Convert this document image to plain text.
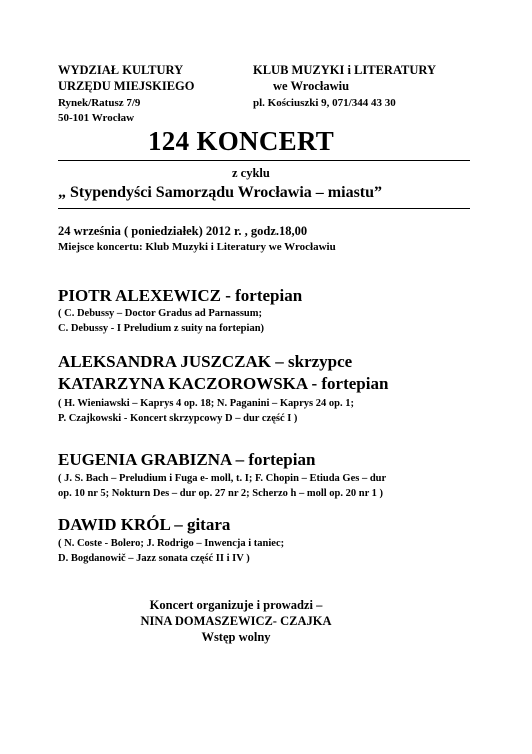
WYDZIAŁ KULTURY
URZĘDU MIEJSKIEGO
Rynek/Ratusz 7/9
50-101 Wrocław
KLUB MUZYKI i LITERATURY
we Wrocławiu
pl. Kościuszki 9, 071/344 43 30
124 KONCERT
z cyklu
„ Stypendyści Samorządu Wrocławia – miastu”
24 września ( poniedziałek) 2012 r. , godz.18,00
Miejsce koncertu: Klub Muzyki i Literatury we Wrocławiu
PIOTR ALEXEWICZ - fortepian
( C. Debussy – Doctor Gradus ad Parnassum;
C. Debussy - I Preludium z suity na fortepian)
ALEKSANDRA JUSZCZAK – skrzypce
KATARZYNA KACZOROWSKA - fortepian
( H. Wieniawski – Kaprys 4 op. 18; N. Paganini – Kaprys 24 op. 1;
P. Czajkowski - Koncert skrzypcowy D – dur część I )
EUGENIA GRABIZNA – fortepian
( J. S. Bach – Preludium i Fuga e- moll, t. I; F. Chopin – Etiuda Ges – dur
op. 10 nr 5; Nokturn Des – dur op. 27 nr 2; Scherzo h – moll op. 20 nr 1 )
DAWID KRÓL – gitara
( N. Coste - Bolero; J. Rodrigo – Inwencja i taniec;
D. Bogdanowič – Jazz sonata część II i IV )
Koncert organizuje i prowadzi –
NINA DOMASZEWICZ- CZAJKA
Wstęp wolny
